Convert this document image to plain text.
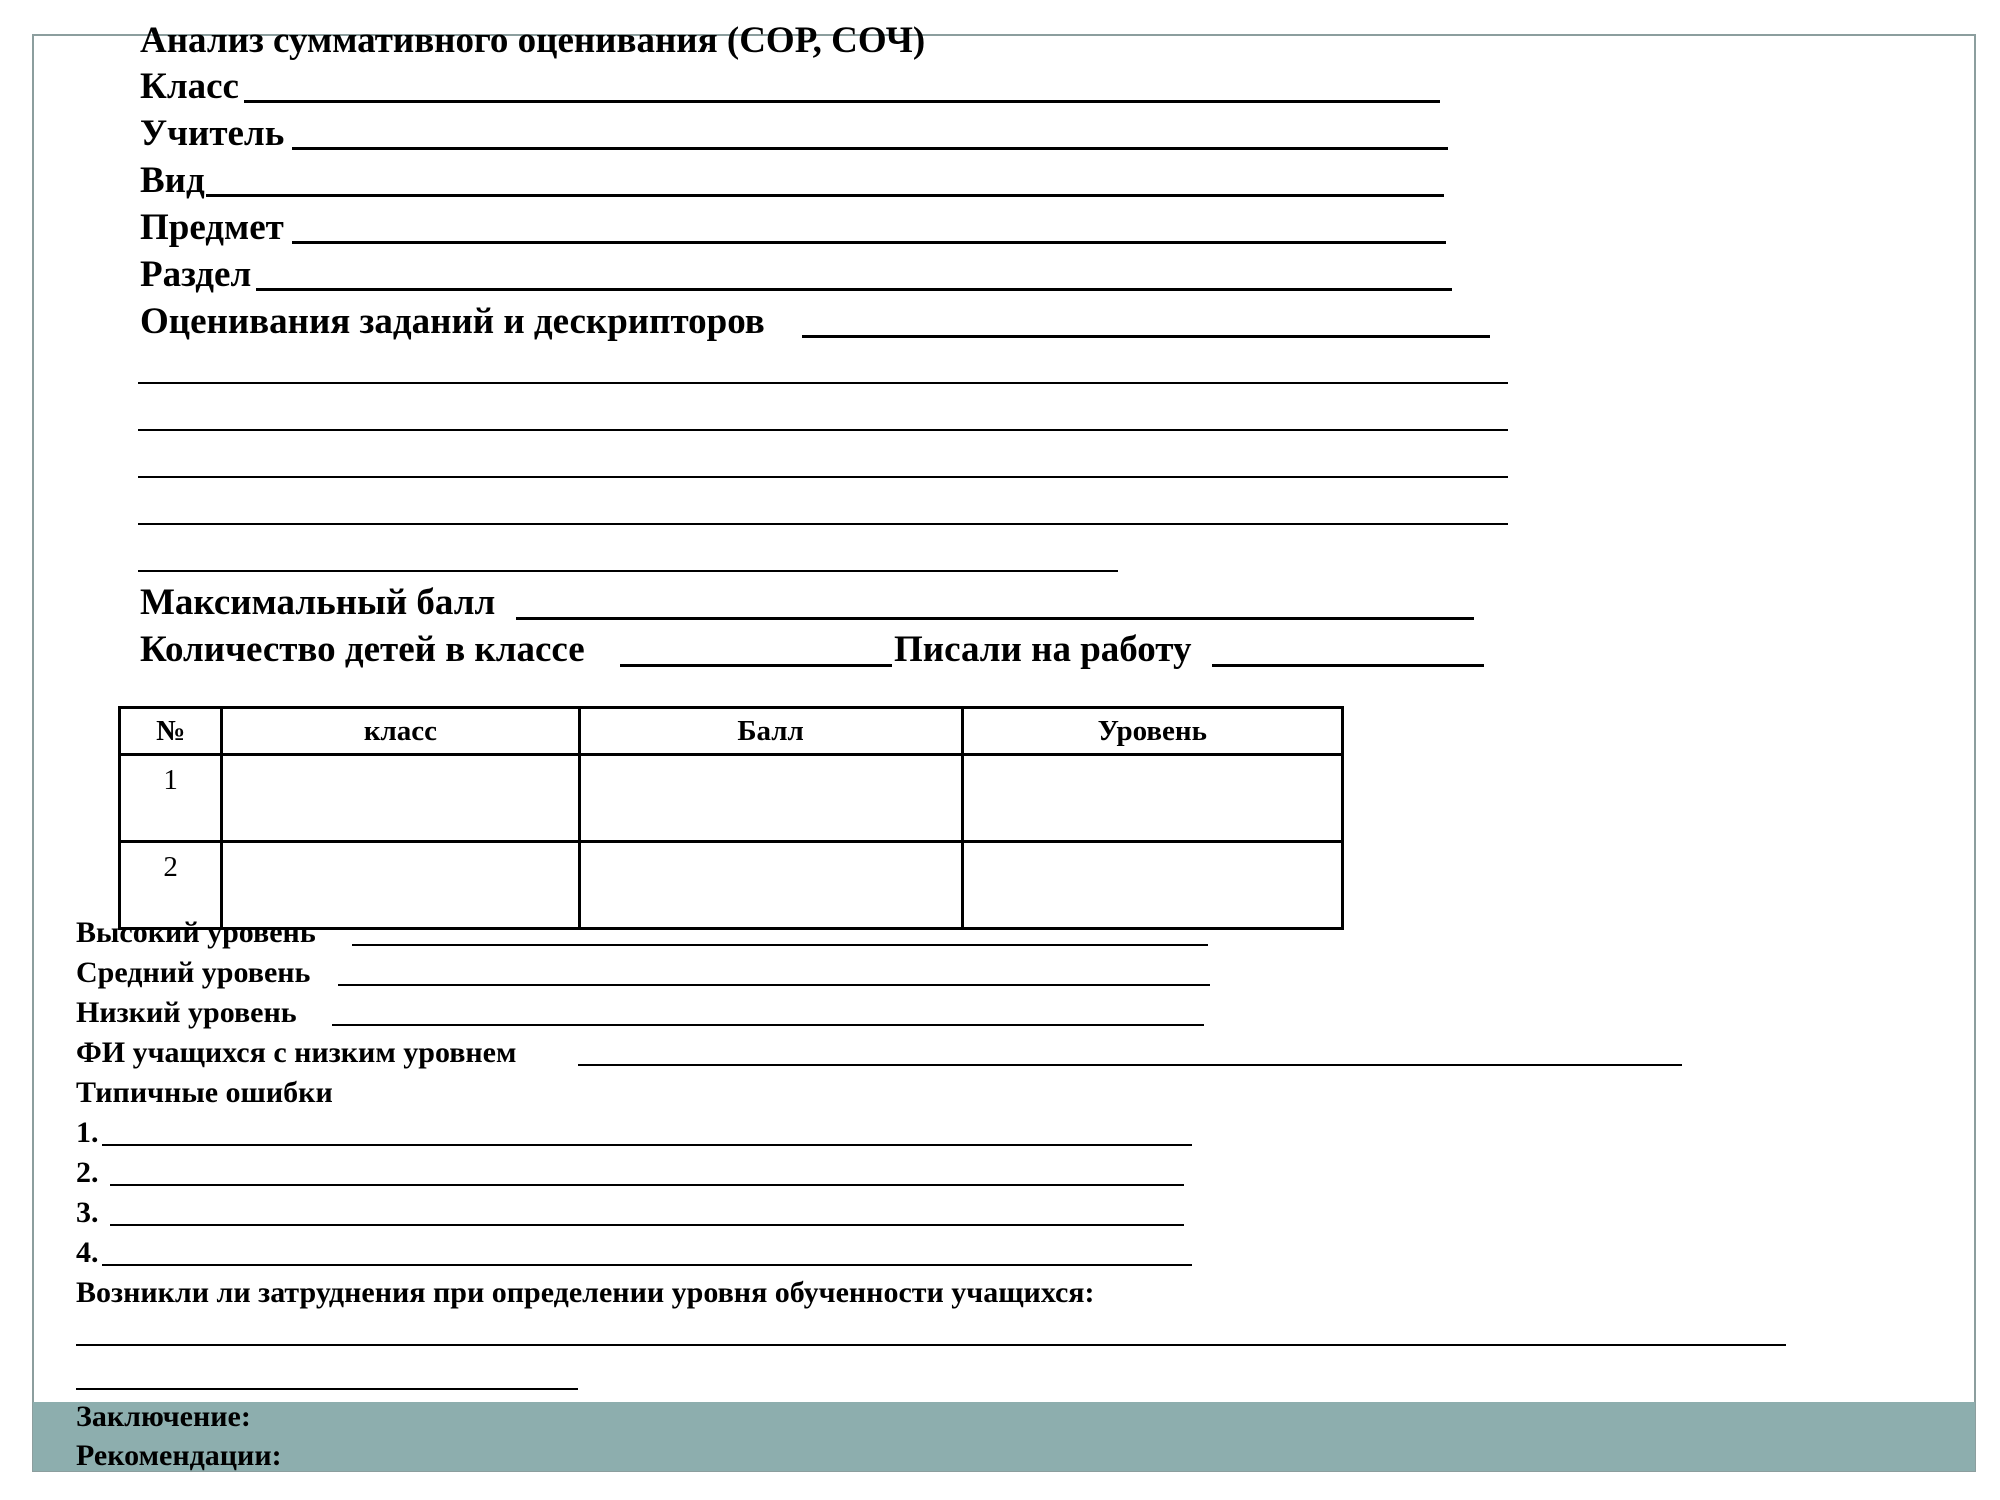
Анализ суммативного оценивания (СОР, СОЧ)
Класс
Учитель
Вид
Предмет
Раздел
Оценивания заданий и дескрипторов
Максимальный балл
Количество детей в классе	Писали на работу
№	класс	Балл	Уровень
1			
2			
Высокий уровень
Средний уровень
Низкий уровень
ФИ учащихся с низким уровнем
Типичные ошибки
1.
2.
3.
4.
Возникли ли затруднения при определении уровня обученности учащихся:
Заключение:
Рекомендации:
